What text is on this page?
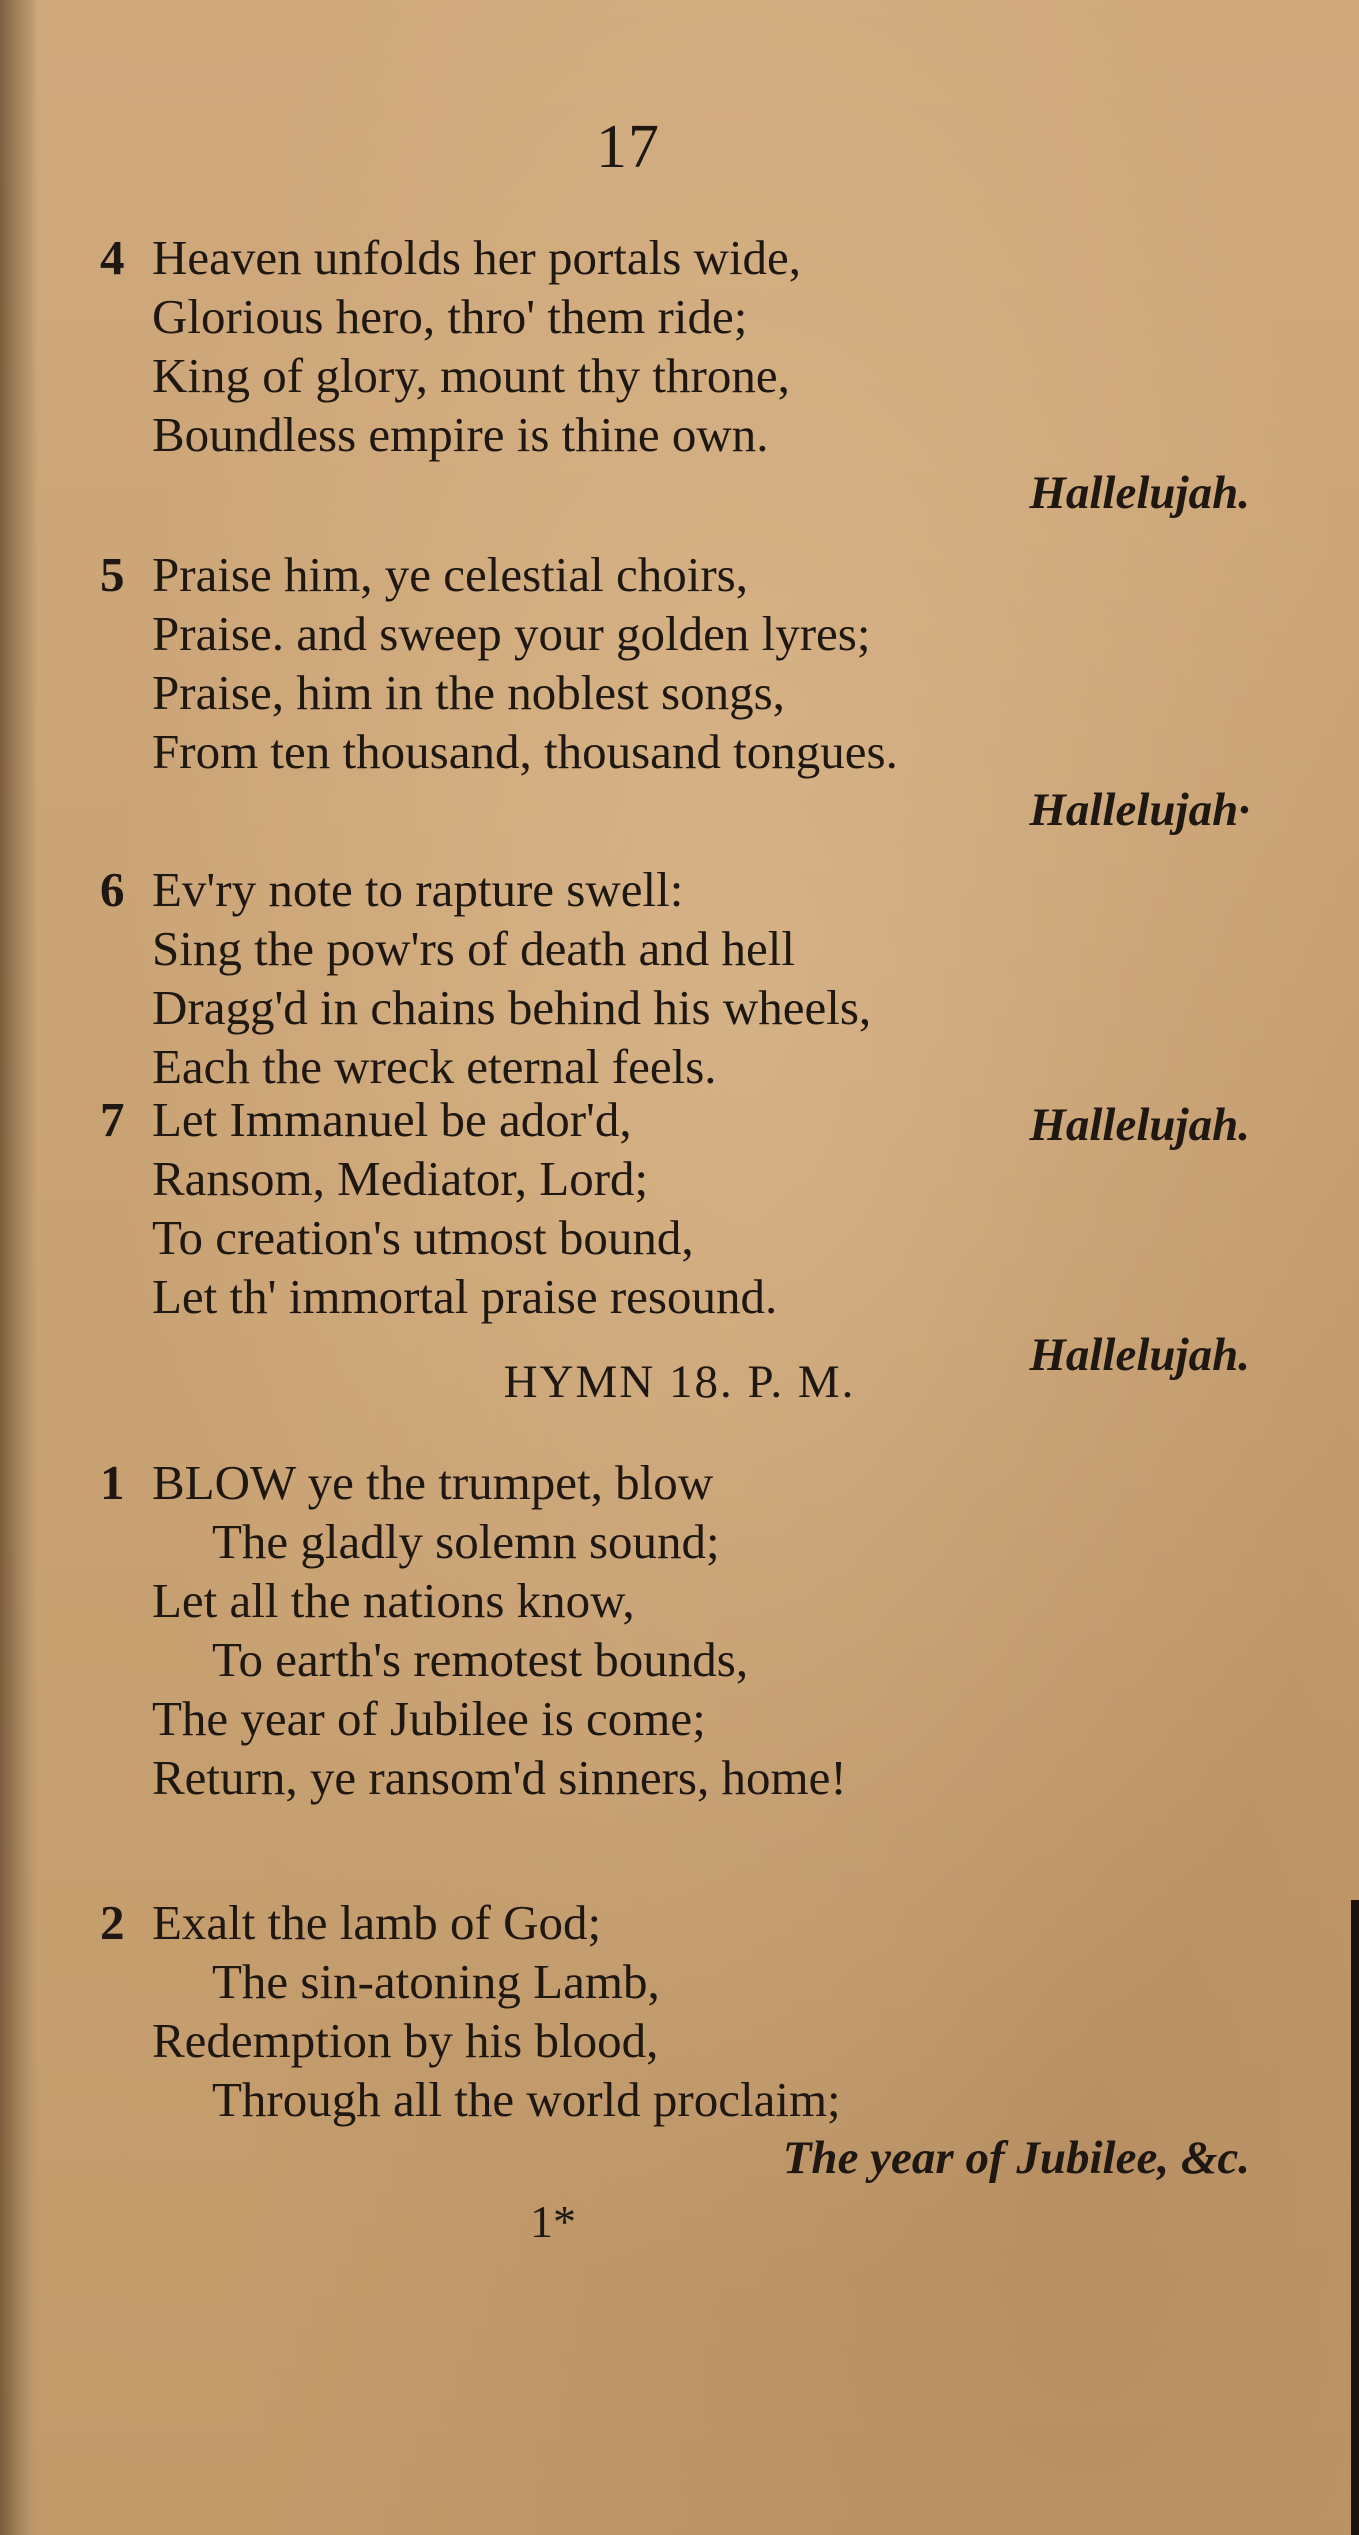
17
4 Heaven unfolds her portals wide,
Glorious hero, thro' them ride;
King of glory, mount thy throne,
Boundless empire is thine own.
Hallelujah.
5 Praise him, ye celestial choirs,
Praise. and sweep your golden lyres;
Praise, him in the noblest songs,
From ten thousand, thousand tongues.
Hallelujah·
6 Ev'ry note to rapture swell:
Sing the pow'rs of death and hell
Dragg'd in chains behind his wheels,
Each the wreck eternal feels.
Hallelujah.
7 Let Immanuel be ador'd,
Ransom, Mediator, Lord;
To creation's utmost bound,
Let th' immortal praise resound.
Hallelujah.
HYMN 18. P. M.
1 BLOW ye the trumpet, blow
The gladly solemn sound;
Let all the nations know,
To earth's remotest bounds,
The year of Jubilee is come;
Return, ye ransom'd sinners, home!
2 Exalt the lamb of God;
The sin-atoning Lamb,
Redemption by his blood,
Through all the world proclaim;
The year of Jubilee, &c.
1*
